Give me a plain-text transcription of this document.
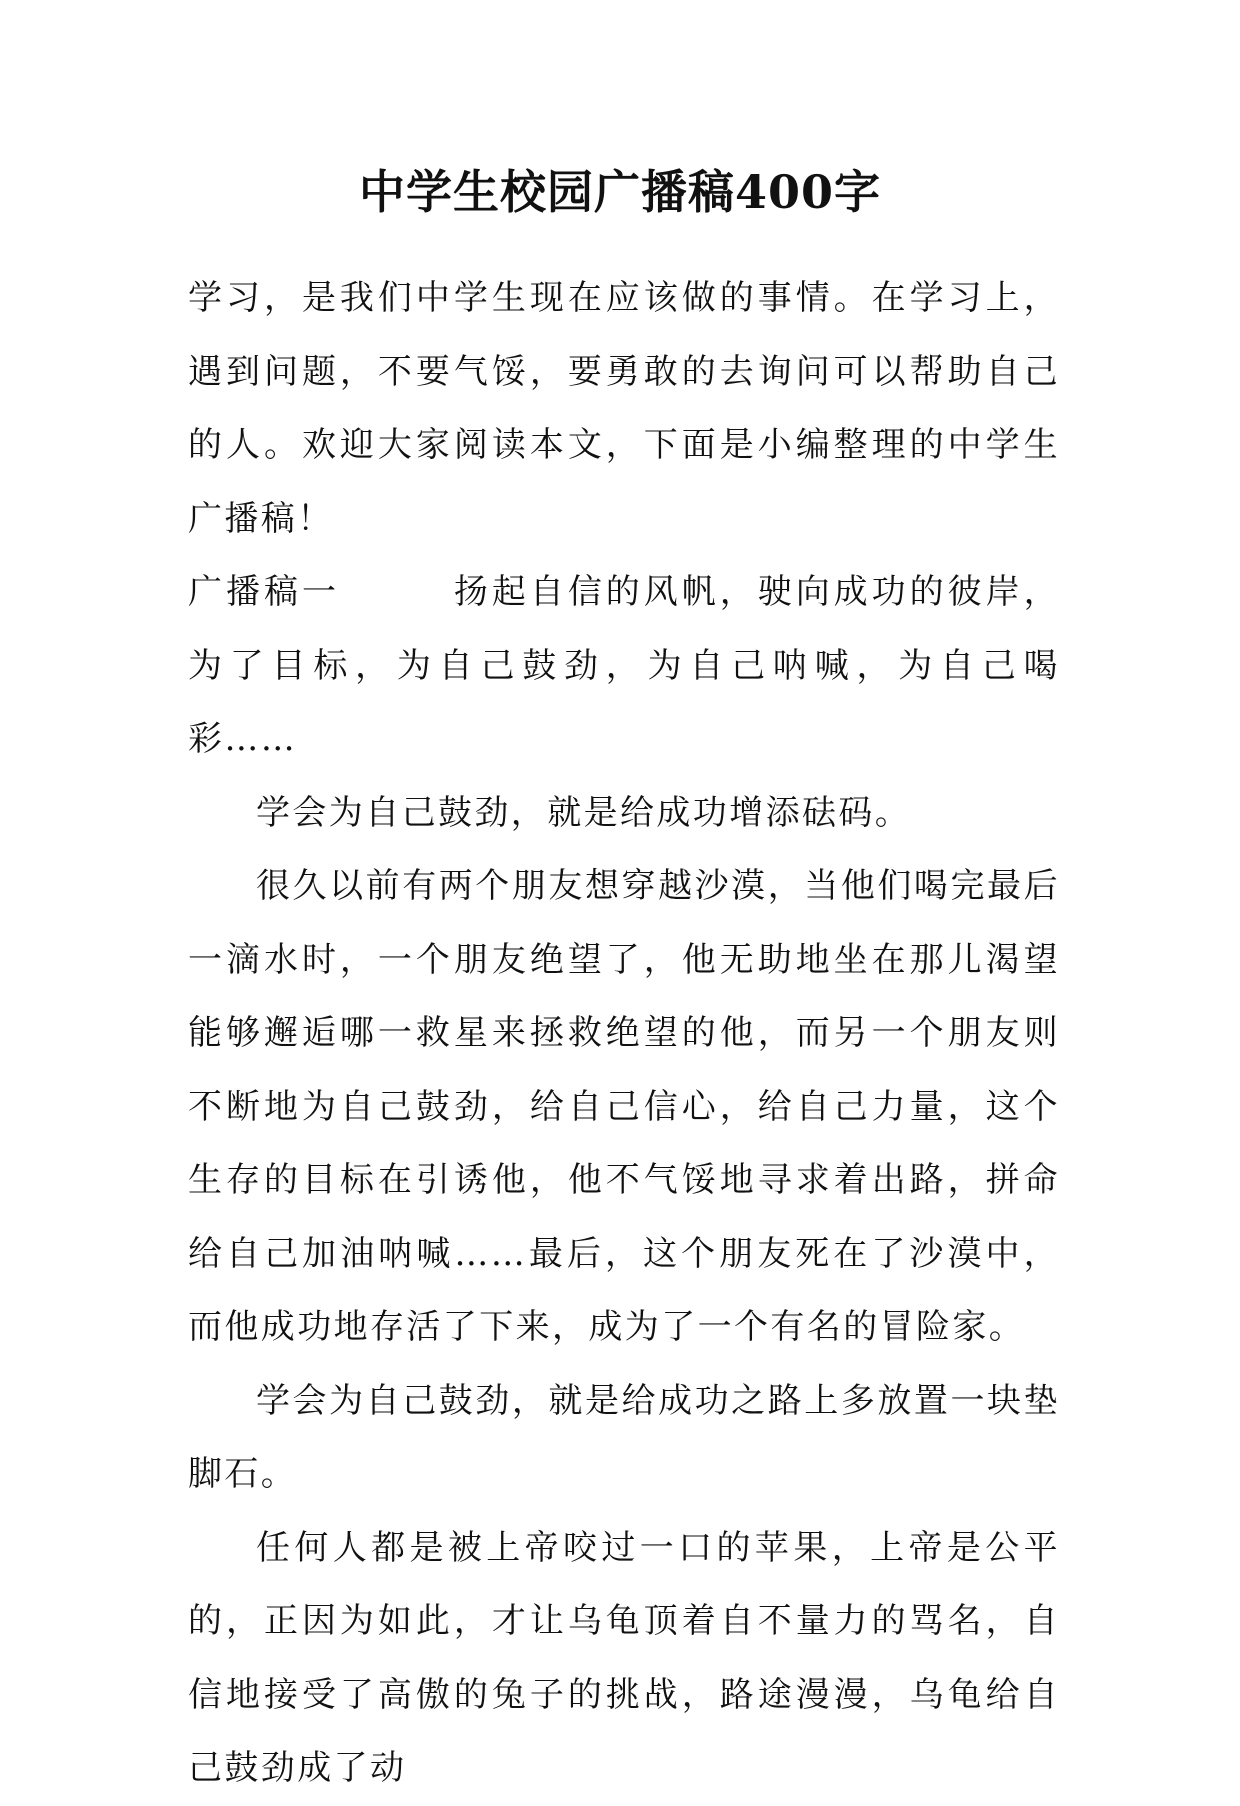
中学生校园广播稿400字

学习，是我们中学生现在应该做的事情。在学习上，遇到问题，不要气馁，要勇敢的去询问可以帮助自己的人。欢迎大家阅读本文，下面是小编整理的中学生广播稿！

广播稿一　　　扬起自信的风帆，驶向成功的彼岸，为了目标，为自己鼓劲，为自己呐喊，为自己喝彩……

学会为自己鼓劲，就是给成功增添砝码。

很久以前有两个朋友想穿越沙漠，当他们喝完最后一滴水时，一个朋友绝望了，他无助地坐在那儿渴望能够邂逅哪一救星来拯救绝望的他，而另一个朋友则不断地为自己鼓劲，给自己信心，给自己力量，这个生存的目标在引诱他，他不气馁地寻求着出路，拼命给自己加油呐喊……最后，这个朋友死在了沙漠中，而他成功地存活了下来，成为了一个有名的冒险家。

学会为自己鼓劲，就是给成功之路上多放置一块垫脚石。

任何人都是被上帝咬过一口的苹果，上帝是公平的，正因为如此，才让乌龟顶着自不量力的骂名，自信地接受了高傲的兔子的挑战，路途漫漫，乌龟给自己鼓劲成了动
